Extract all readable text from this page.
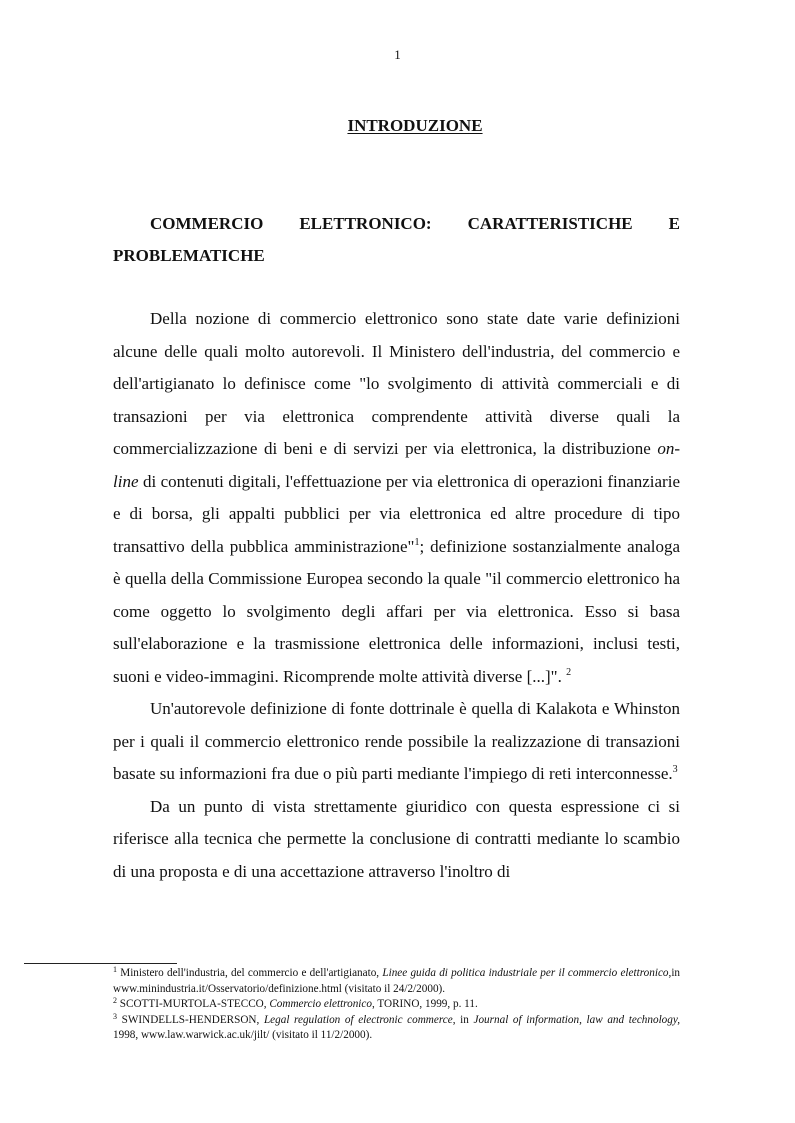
1
INTRODUZIONE
COMMERCIO ELETTRONICO: CARATTERISTICHE E PROBLEMATICHE

Della nozione di commercio elettronico sono state date varie definizioni alcune delle quali molto autorevoli. Il Ministero dell'industria, del commercio e dell'artigianato lo definisce come "lo svolgimento di attività commerciali e di transazioni per via elettronica comprendente attività diverse quali la commercializzazione di beni e di servizi per via elettronica, la distribuzione on-line di contenuti digitali, l'effettuazione per via elettronica di operazioni finanziarie e di borsa, gli appalti pubblici per via elettronica ed altre procedure di tipo transattivo della pubblica amministrazione"$^1$; definizione sostanzialmente analoga è quella della Commissione Europea secondo la quale "il commercio elettronico ha come oggetto lo svolgimento degli affari per via elettronica. Esso si basa sull'elaborazione e la trasmissione elettronica delle informazioni, inclusi testi, suoni e video-immagini. Ricomprende molte attività diverse [...]". $^2$

Un'autorevole definizione di fonte dottrinale è quella di Kalakota e Whinston per i quali il commercio elettronico rende possibile la realizzazione di transazioni basate su informazioni fra due o più parti mediante l'impiego di reti interconnesse.$^3$

Da un punto di vista strettamente giuridico con questa espressione ci si riferisce alla tecnica che permette la conclusione di contratti mediante lo scambio di una proposta e di una accettazione attraverso l'inoltro di

$^1$ Ministero dell'industria, del commercio e dell'artigianato, Linee guida di politica industriale per il commercio elettronico,in www.minindustria.it/Osservatorio/definizione.html (visitato il 24/2/2000).

$^2$ SCOTTI-MURTOLA-STECCO, Commercio elettronico, TORINO, 1999, p. 11.

$^3$ SWINDELLS-HENDERSON, Legal regulation of electronic commerce, in Journal of information, law and technology, 1998, www.law.warwick.ac.uk/jilt/ (visitato il 11/2/2000).
